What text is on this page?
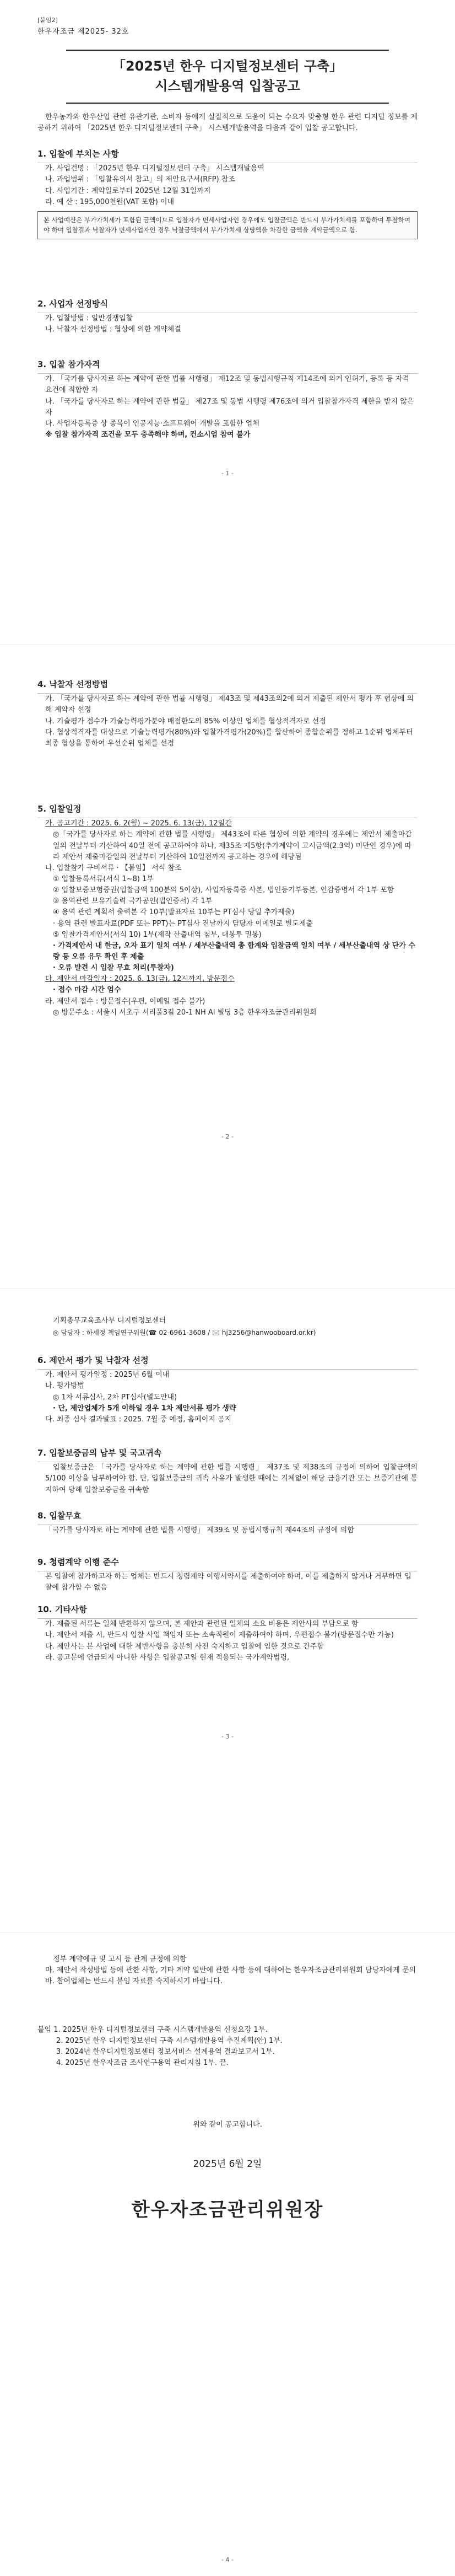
[붙임2]
한우자조금 제2025- 32호
「2025년 한우 디지털정보센터 구축」
시스템개발용역 입찰공고

한우농가와 한우산업 관련 유관기관, 소비자 등에게 실질적으로 도움이 되는 수요자 맞춤형 한우 관련 디지털 정보를 제공하기 위하여 「2025년 한우 디지털정보센터 구축」 시스템개발용역을 다음과 같이 입찰 공고합니다.

1. 입찰에 부치는 사항

가. 사업건명 : 「2025년 한우 디지털정보센터 구축」 시스템개발용역

나. 과업범위 : 「입찰유의서 참고」의 제안요구서(RFP) 참조

다. 사업기간 : 계약일로부터 2025년 12월 31일까지

라. 예 산 : 195,000천원(VAT 포함) 이내

본 사업예산은 부가가치세가 포함된 금액이므로 입찰자가 면세사업자인 경우에도 입찰금액은 반드시 부가가치세를 포함하여 투찰하여야 하며 입찰결과 낙찰자가 면세사업자인 경우 낙찰금액에서 부가가치세 상당액을 차감한 금액을 계약금액으로 함.

2. 사업자 선정방식

가. 입찰방법 : 일반경쟁입찰

나. 낙찰자 선정방법 : 협상에 의한 계약체결

3. 입찰 참가자격

가. 「국가를 당사자로 하는 계약에 관한 법률 시행령」 제12조 및 동법시행규칙 제14조에 의거 인허가, 등록 등 자격 요건에 적합한 자

나. 「국가를 당사자로 하는 계약에 관한 법률」 제27조 및 동법 시행령 제76조에 의거 입찰참가자격 제한을 받지 않은 자

다. 사업자등록증 상 종목이 인공지능·소프트웨어 개발을 포함한 업체

※ 입찰 참가자격 조건을 모두 충족해야 하며, 컨소시엄 참여 불가

- 1 -

4. 낙찰자 선정방법

가. 「국가를 당사자로 하는 계약에 관한 법률 시행령」 제43조 및 제43조의2에 의거 제출된 제안서 평가 후 협상에 의해 계약자 선정

나. 기술평가 점수가 기술능력평가분야 배점한도의 85% 이상인 업체를 협상적격자로 선정

다. 협상적격자를 대상으로 기술능력평가(80%)와 입찰가격평가(20%)를 합산하여 종합순위를 정하고 1순위 업체부터 최종 협상을 통하여 우선순위 업체를 선정

5. 입찰일정

가. 공고기간 : 2025. 6. 2(월) ~ 2025. 6. 13(금), 12일간

◎「국가를 당사자로 하는 계약에 관한 법률 시행령」 제43조에 따른 협상에 의한 계약의 경우에는 제안서 제출마감일의 전날부터 기산하여 40일 전에 공고하여야 하나, 제35조 제5항(추가계약이 고시금액(2.3억) 미만인 경우)에 따라 제안서 제출마감일의 전날부터 기산하여 10일전까지 공고하는 경우에 해당됨

나. 입찰참가 구비서류 · 【붙임】 서식 참조

① 입찰등록서류(서식 1~8) 1부

② 입찰보증보험증권(입찰금액 100분의 5이상), 사업자등록증 사본, 법인등기부등본, 인감증명서 각 1부 포함

③ 용역관련 보유기술력 국가공인(법인증서) 각 1부

④ 용역 관련 계획서 출력본 각 10부(발표자료 10부는 PT심사 당일 추가제출)

· 용역 관련 발표자료(PDF 또는 PPT)는 PT심사 전날까지 담당자 이메일로 별도제출

⑤ 입찰가격제안서(서식 10) 1부(제작 산출내역 첨부, 대봉투 밀봉)

· 가격제안서 내 한글, 오자 표기 일치 여부 / 세부산출내역 총 합계와 입찰금액 일치 여부 / 세부산출내역 상 단가 수량 등 오류 유무 확인 후 제출

· 오류 발견 시 입찰 무효 처리(투찰자)

다. 제안서 마감일자 : 2025. 6. 13(금), 12시까지, 방문접수

· 접수 마감 시간 엄수

라. 제안서 접수 : 방문접수(우편, 이메일 접수 불가)

◎ 방문주소 : 서울시 서초구 서리풀3길 20-1 NH AI 빌딩 3층 한우자조금관리위원회

- 2 -

기획총무교육조사부 디지털정보센터

◎ 담당자 : 하세정 책임연구위원(☎ 02-6961-3608 / 🖂 hj3256@hanwooboard.or.kr)

6. 제안서 평가 및 낙찰자 선정

가. 제안서 평가일정 : 2025년 6월 이내

나. 평가방법

◎ 1차 서류심사, 2차 PT심사(별도안내)

· 단, 제안업체가 5개 이하일 경우 1차 제안서류 평가 생략

다. 최종 심사 결과발표 : 2025. 7월 중 예정, 홈페이지 공지

7. 입찰보증금의 납부 및 국고귀속

입찰보증금은 「국가를 당사자로 하는 계약에 관한 법률 시행령」 제37조 및 제38조의 규정에 의하여 입찰금액의 5/100 이상을 납부하여야 함. 단, 입찰보증금의 귀속 사유가 발생한 때에는 지체없이 해당 금융기관 또는 보증기관에 통지하여 당해 입찰보증금을 귀속함

8. 입찰무효

「국가를 당사자로 하는 계약에 관한 법률 시행령」 제39조 및 동법시행규칙 제44조의 규정에 의함

9. 청렴계약 이행 준수

본 입찰에 참가하고자 하는 업체는 반드시 청렴계약 이행서약서를 제출하여야 하며, 이를 제출하지 않거나 거부하면 입찰에 참가할 수 없음

10. 기타사항

가. 제출된 서류는 일체 반환하지 않으며, 본 제안과 관련된 일체의 소요 비용은 제안사의 부담으로 함

나. 제안서 제출 시, 반드시 입찰 사업 책임자 또는 소속직원이 제출하여야 하며, 우편접수 불가(방문접수만 가능)

다. 제안사는 본 사업에 대한 제반사항을 충분히 사전 숙지하고 입찰에 임한 것으로 간주함

라. 공고문에 언급되지 아니한 사항은 입찰공고일 현재 적용되는 국가계약법령,

- 3 -

정부 계약예규 및 고시 등 관계 규정에 의함

마. 제안서 작성방법 등에 관한 사항, 기타 계약 일반에 관한 사항 등에 대하여는 한우자조금관리위원회 담당자에게 문의

바. 참여업체는 반드시 붙임 자료를 숙지하시기 바랍니다.

붙임 1. 2025년 한우 디지털정보센터 구축 시스템개발용역 신청요강 1부.

2. 2025년 한우 디지털정보센터 구축 시스템개발용역 추진계획(안) 1부.

3. 2024년 한우디지털정보센터 정보서비스 설계용역 결과보고서 1부.

4. 2025년 한우자조금 조사연구용역 관리지침 1부. 끝.

위와 같이 공고합니다.

2025년 6월 2일

한우자조금관리위원장

- 4 -
